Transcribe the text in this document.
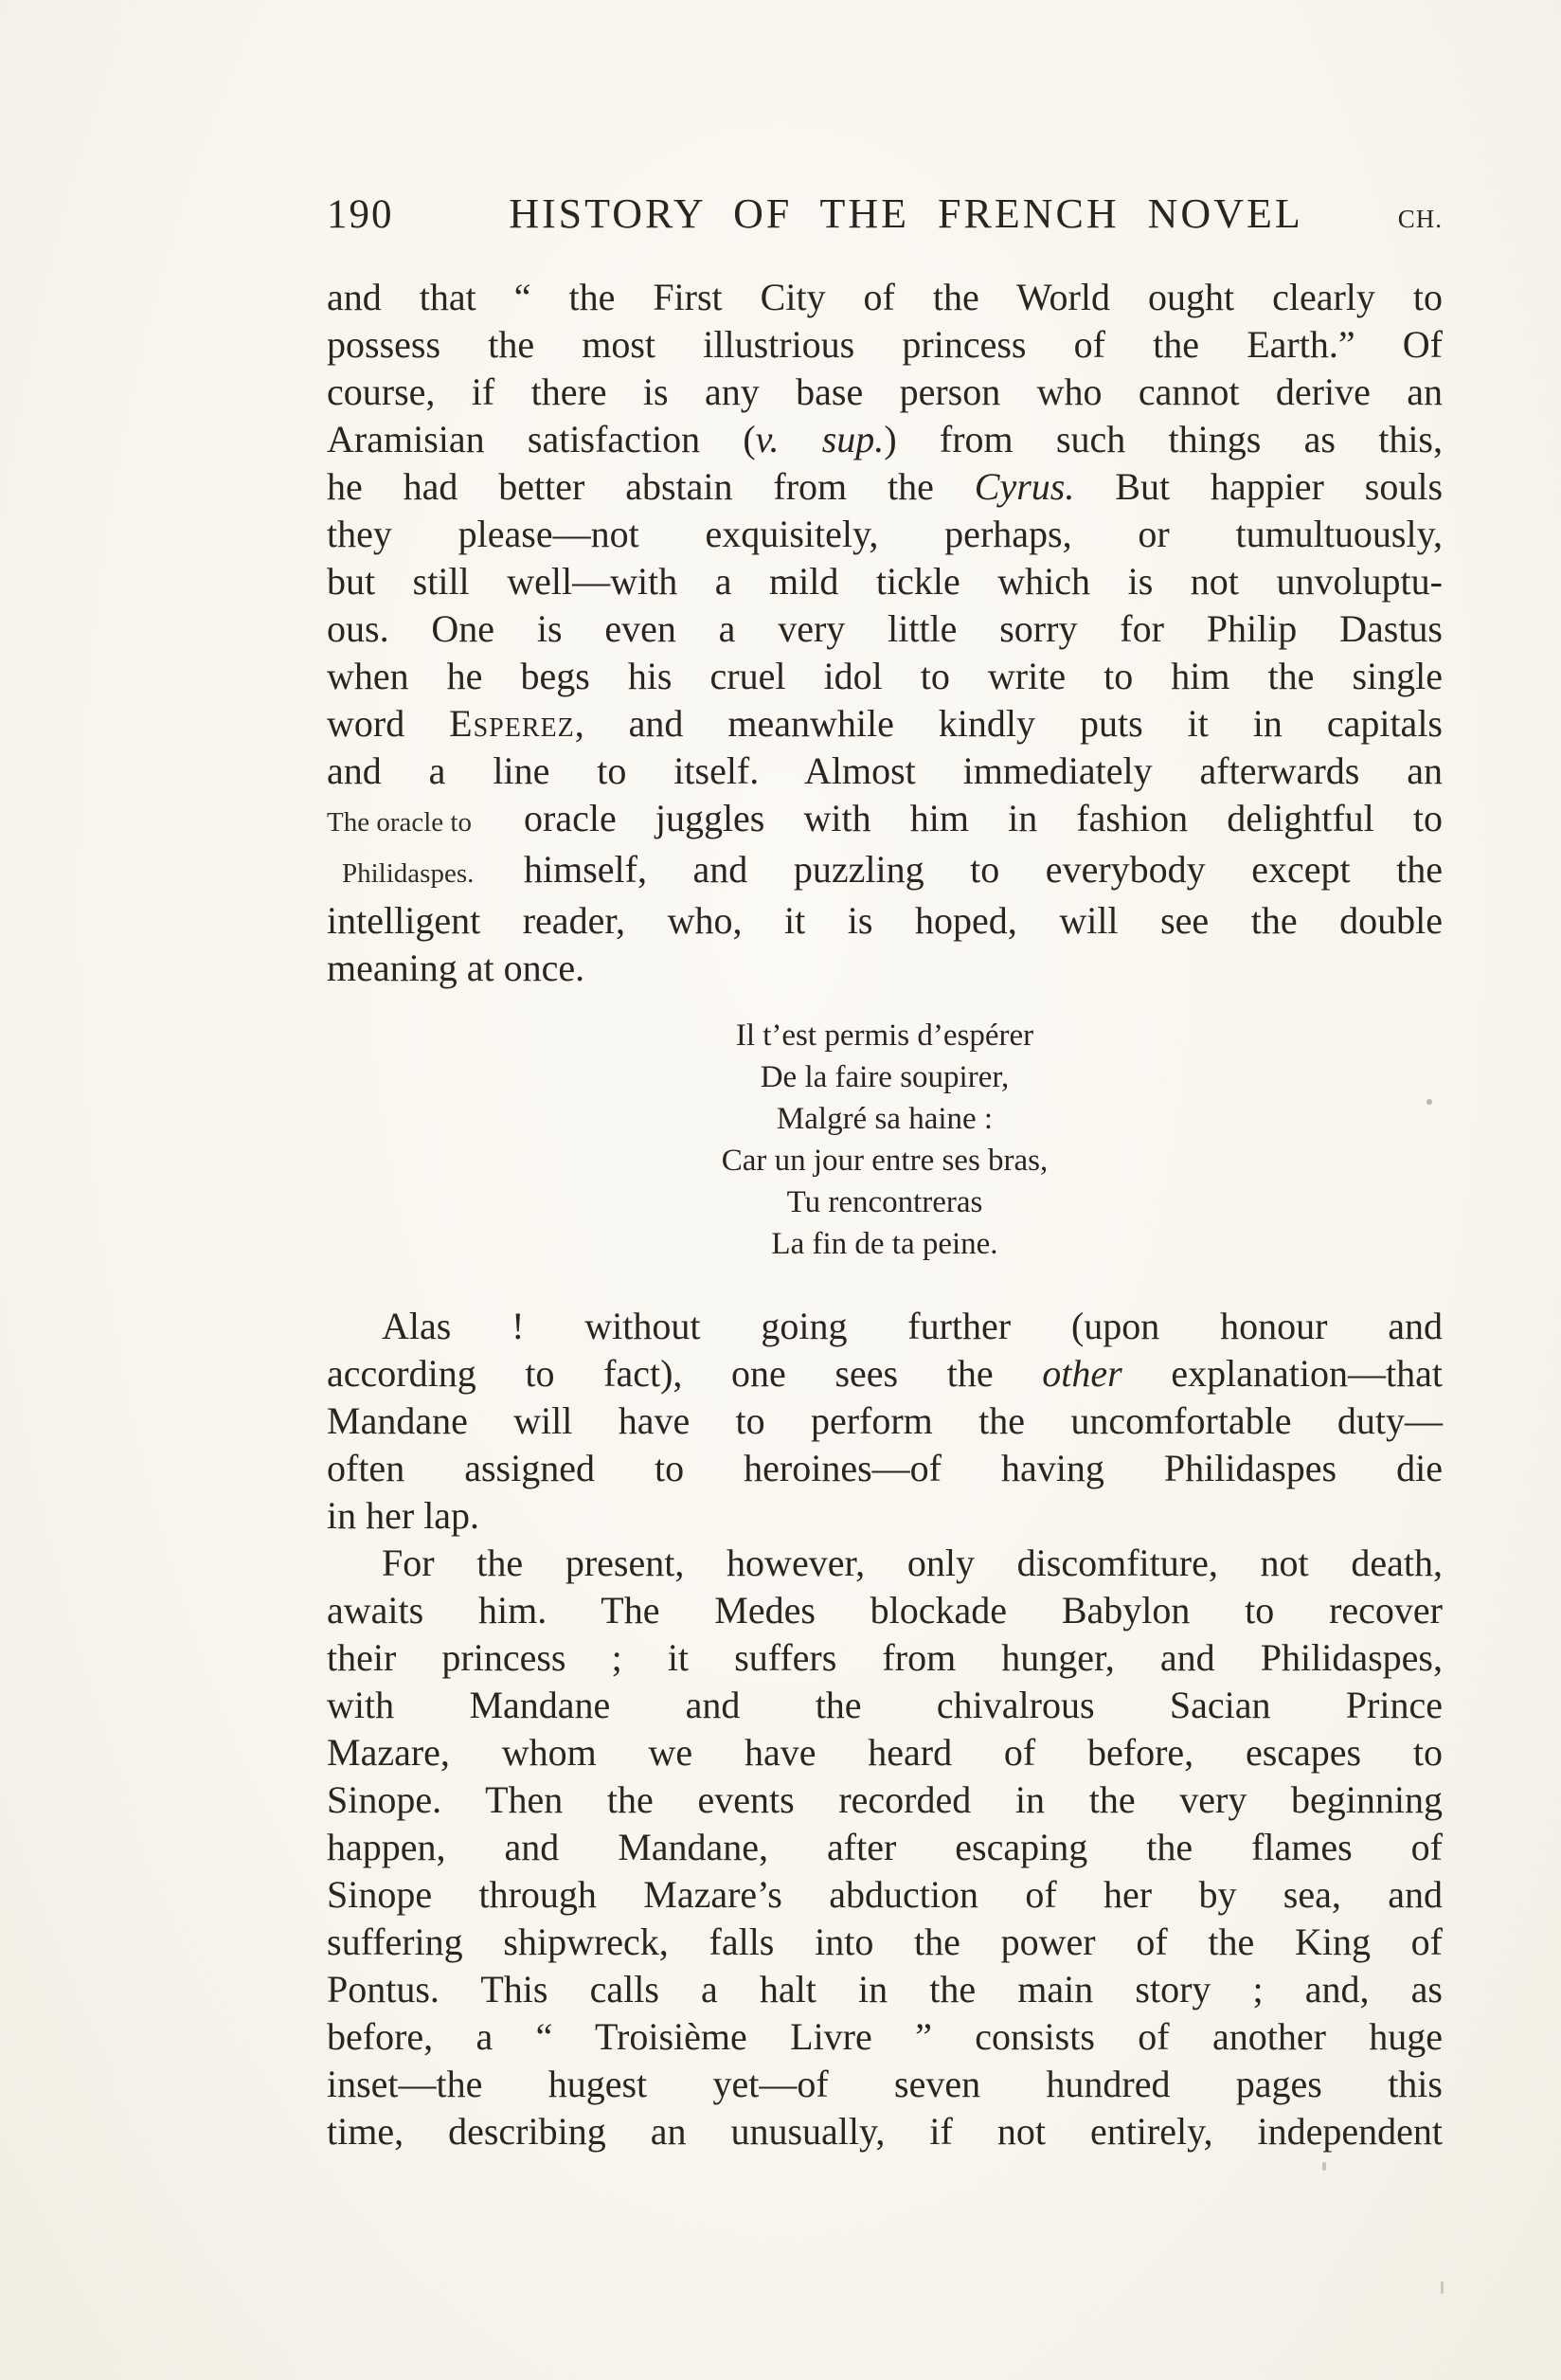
190	HISTORY OF THE FRENCH NOVEL	CH.
and that “ the First City of the World ought clearly to
possess the most illustrious princess of the Earth.” Of
course, if there is any base person who cannot derive an
Aramisian satisfaction (v. sup.) from such things as this,
he had better abstain from the Cyrus. But happier souls
they please—not exquisitely, perhaps, or tumultuously,
but still well—with a mild tickle which is not unvoluptu-
ous. One is even a very little sorry for Philip Dastus
when he begs his cruel idol to write to him the single
word Esperez, and meanwhile kindly puts it in capitals
and a line to itself. Almost immediately afterwards an
The oracle to	oracle juggles with him in fashion delightful to
Philidaspes.	himself, and puzzling to everybody except the
intelligent reader, who, it is hoped, will see the double
meaning at once.
Il t’est permis d’espérer
De la faire soupirer,
Malgré sa haine :
Car un jour entre ses bras,
Tu rencontreras
La fin de ta peine.
Alas ! without going further (upon honour and
according to fact), one sees the other explanation—that
Mandane will have to perform the uncomfortable duty—
often assigned to heroines—of having Philidaspes die
in her lap.
For the present, however, only discomfiture, not death,
awaits him. The Medes blockade Babylon to recover
their princess ; it suffers from hunger, and Philidaspes,
with Mandane and the chivalrous Sacian Prince
Mazare, whom we have heard of before, escapes to
Sinope. Then the events recorded in the very beginning
happen, and Mandane, after escaping the flames of
Sinope through Mazare’s abduction of her by sea, and
suffering shipwreck, falls into the power of the King of
Pontus. This calls a halt in the main story ; and, as
before, a “ Troisième Livre ” consists of another huge
inset—the hugest yet—of seven hundred pages this
time, describing an unusually, if not entirely, independent
